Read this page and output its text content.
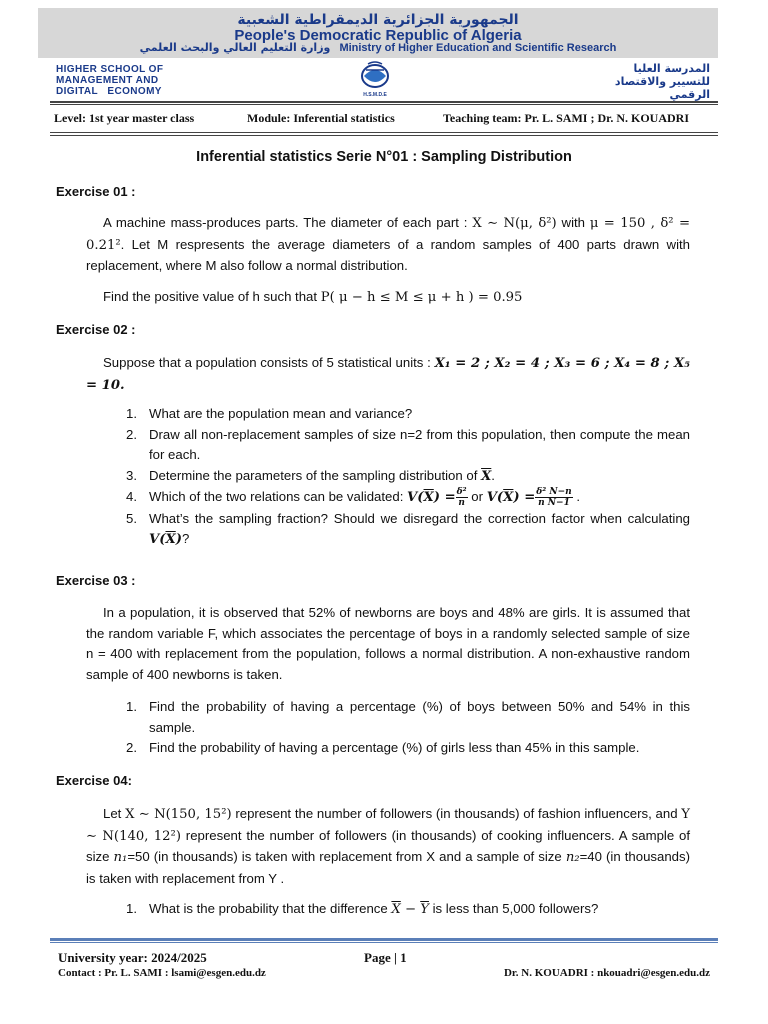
الجمهورية الجزائرية الديمقراطية الشعبية
People's Democratic Republic of Algeria
وزارة التعليم العالي والبحث العلمي Ministry of Higher Education and Scientific Research
HIGHER SCHOOL OF
MANAGEMENT AND
DIGITAL   ECONOMY	H.S.M.D.E
المدرسة العليا
للتسيير والاقتصاد
الرقمي
Level: 1st year master class	Module: Inferential statistics	Teaching team: Pr. L. SAMI ; Dr. N. KOUADRI
Inferential statistics Serie N°01 : Sampling Distribution
Exercise 01 :
A machine mass-produces parts. The diameter of each part : X ∼ N(μ, δ²) with μ = 150 , δ² = 0.21². Let M respresents the average diameters of a random samples of 400 parts drawn with replacement, where M also follow a normal distribution.
Find the positive value of h such that P( μ − h ≤ M ≤ μ + h ) = 0.95
Exercise 02 :
Suppose that a population consists of 5 statistical units : X₁ = 2 ; X₂ = 4 ; X₃ = 6 ; X₄ = 8 ; X₅ = 10.
1. What are the population mean and variance?
2. Draw all non-replacement samples of size n=2 from this population, then compute the mean for each.
3. Determine the parameters of the sampling distribution of $\overline{X}$.
4. Which of the two relations can be validated: $V(\overline{X}) = \frac{\text{δ²}}{n}$ or $V(\overline{X}) = \frac{\text{δ² N−n}}{\text{n N−1}}$ .
5. What’s the sampling fraction? Should we disregard the correction factor when calculating $V(\overline{X})$?
Exercise 03 :
In a population, it is observed that 52% of newborns are boys and 48% are girls. It is assumed that the random variable F, which associates the percentage of boys in a randomly selected sample of size n = 400 with replacement from the population, follows a normal distribution. A non-exhaustive random sample of 400 newborns is taken.
1. Find the probability of having a percentage (%) of boys between 50% and 54% in this sample.
2. Find the probability of having a percentage (%) of girls less than 45% in this sample.
Exercise 04:
Let X ∼ N(150, 15²) represent the number of followers (in thousands) of fashion influencers, and Y ∼ N(140, 12²) represent the number of followers (in thousands) of cooking influencers. A sample of size n₁=50 (in thousands) is taken with replacement from X and a sample of size n₂=40 (in thousands) is taken with replacement from Y .
1. What is the probability that the difference $\overline{X} - \overline{Y}$ is less than 5,000 followers?
University year: 2024/2025	Page | 1
Contact : Pr. L. SAMI : lsami@esgen.edu.dz	Dr. N. KOUADRI : nkouadri@esgen.edu.dz
